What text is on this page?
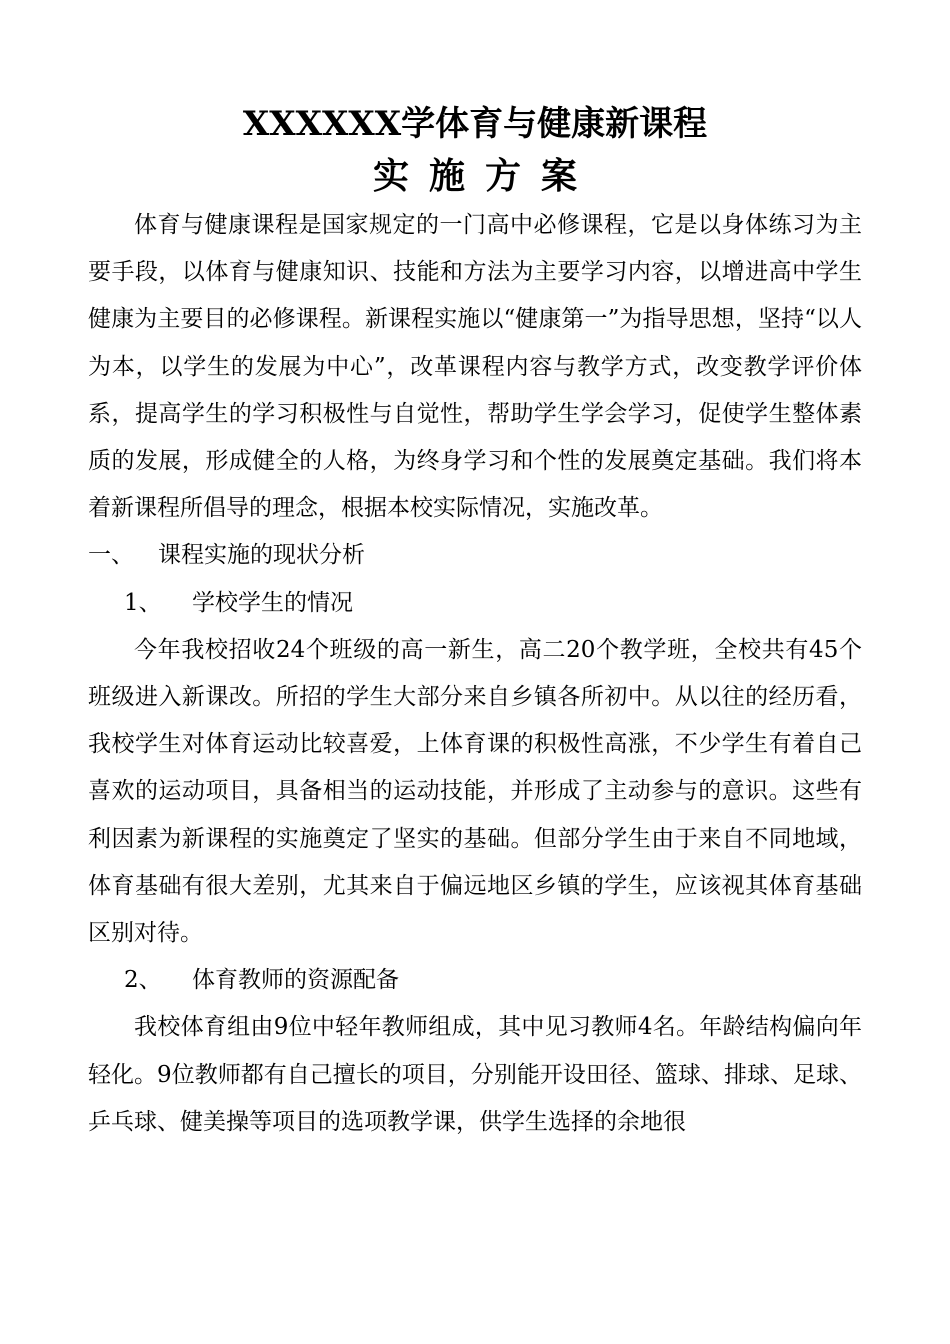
XXXXXX学体育与健康新课程
实施方案

体育与健康课程是国家规定的一门高中必修课程，它是以身体练习为主要手段，以体育与健康知识、技能和方法为主要学习内容，以增进高中学生健康为主要目的必修课程。新课程实施以“健康第一”为指导思想，坚持“以人为本，以学生的发展为中心”，改革课程内容与教学方式，改变教学评价体系，提高学生的学习积极性与自觉性，帮助学生学会学习，促使学生整体素质的发展，形成健全的人格，为终身学习和个性的发展奠定基础。我们将本着新课程所倡导的理念，根据本校实际情况，实施改革。

一、 课程实施的现状分析

1、 学校学生的情况

今年我校招收24个班级的高一新生，高二20个教学班，全校共有45个班级进入新课改。所招的学生大部分来自乡镇各所初中。从以往的经历看，我校学生对体育运动比较喜爱，上体育课的积极性高涨，不少学生有着自己喜欢的运动项目，具备相当的运动技能，并形成了主动参与的意识。这些有利因素为新课程的实施奠定了坚实的基础。但部分学生由于来自不同地域，体育基础有很大差别，尤其来自于偏远地区乡镇的学生，应该视其体育基础区别对待。

2、 体育教师的资源配备

我校体育组由9位中轻年教师组成，其中见习教师4名。年龄结构偏向年轻化。9位教师都有自己擅长的项目，分别能开设田径、篮球、排球、足球、乒乓球、健美操等项目的选项教学课，供学生选择的余地很
